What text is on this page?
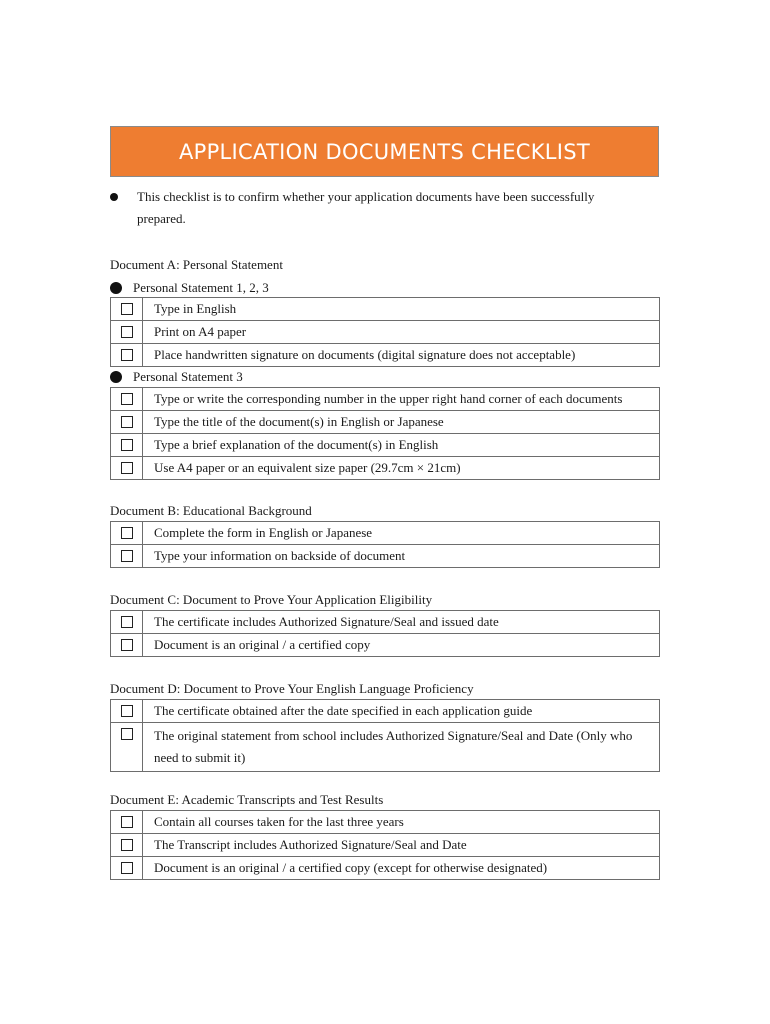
APPLICATION DOCUMENTS CHECKLIST
This checklist is to confirm whether your application documents have been successfully prepared.
Document A: Personal Statement
Personal Statement 1, 2, 3
	Type in English
	Print on A4 paper
	Place handwritten signature on documents (digital signature does not acceptable)
Personal Statement 3
	Type or write the corresponding number in the upper right hand corner of each documents
	Type the title of the document(s) in English or Japanese
	Type a brief explanation of the document(s) in English
	Use A4 paper or an equivalent size paper (29.7cm × 21cm)
Document B: Educational Background
	Complete the form in English or Japanese
	Type your information on backside of document
Document C: Document to Prove Your Application Eligibility
	The certificate includes Authorized Signature/Seal and issued date
	Document is an original / a certified copy
Document D: Document to Prove Your English Language Proficiency
	The certificate obtained after the date specified in each application guide
	The original statement from school includes Authorized Signature/Seal and Date (Only who need to submit it)
Document E: Academic Transcripts and Test Results
	Contain all courses taken for the last three years
	The Transcript includes Authorized Signature/Seal and Date
	Document is an original / a certified copy (except for otherwise designated)
